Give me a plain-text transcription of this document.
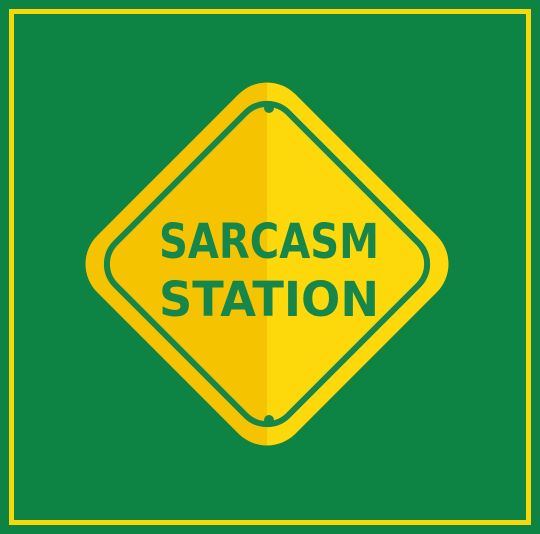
SARCASM
STATION
